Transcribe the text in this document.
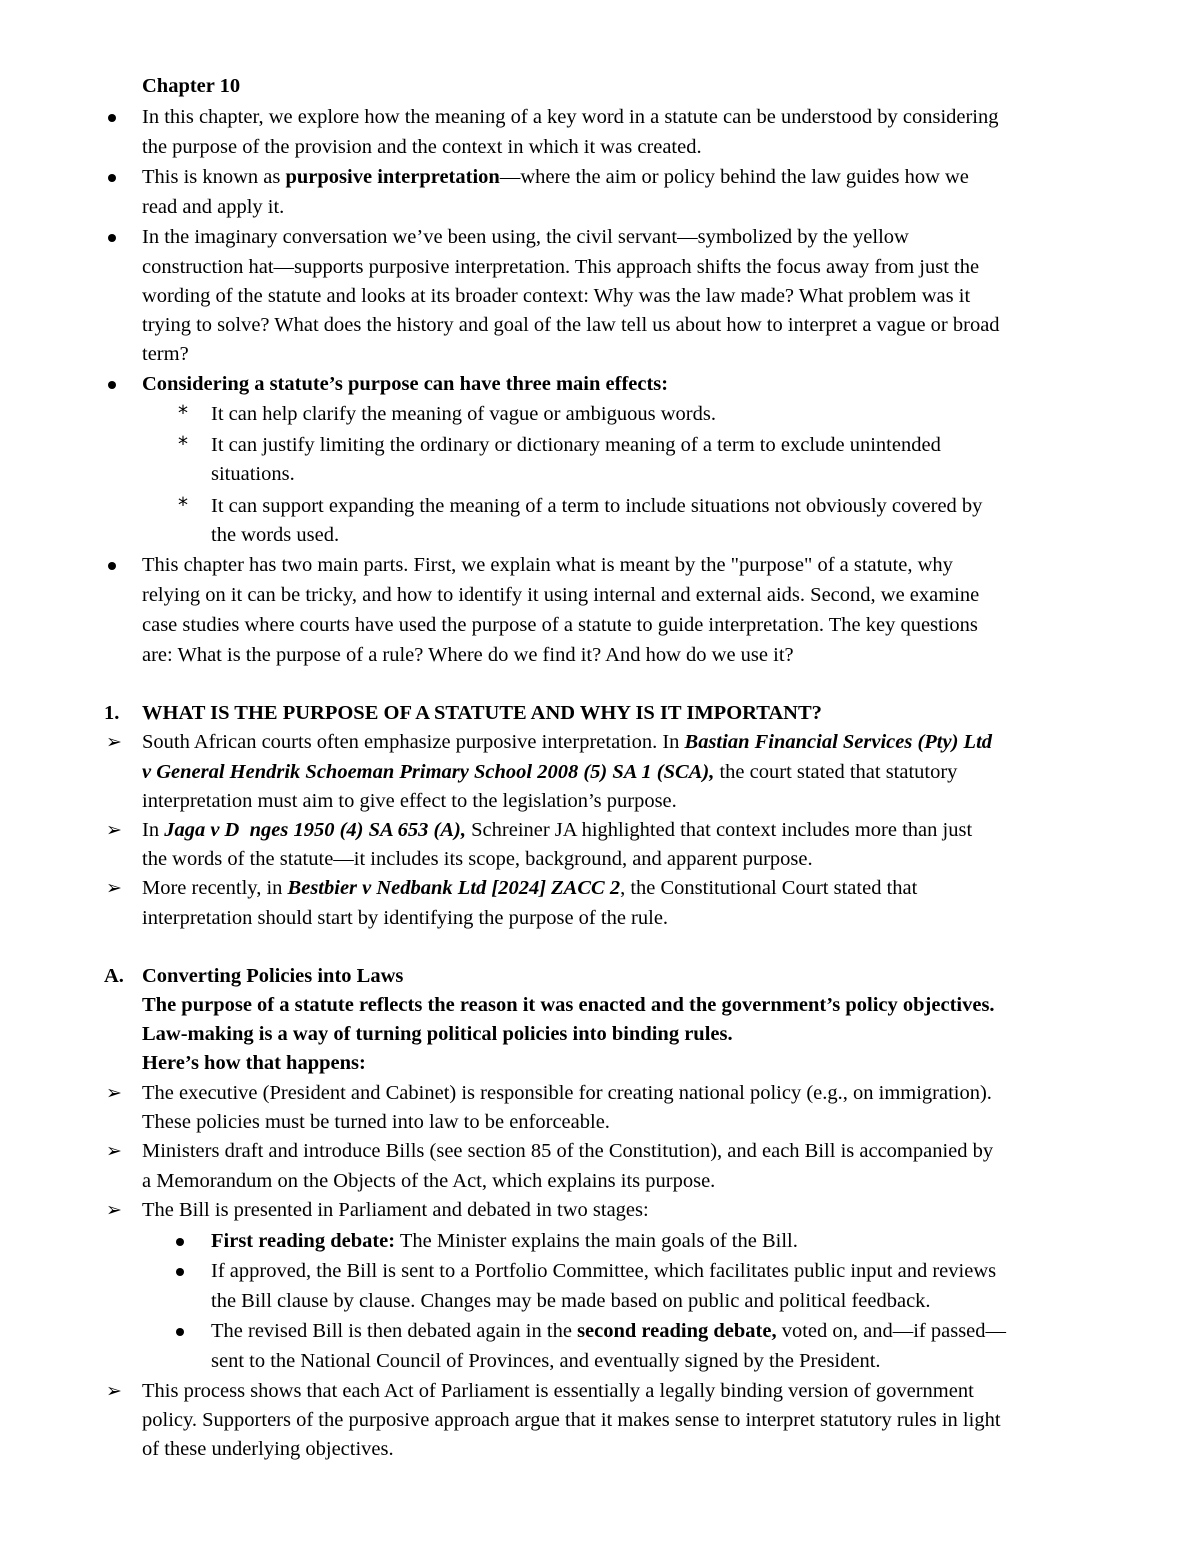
Chapter 10
In this chapter, we explore how the meaning of a key word in a statute can be understood by considering
the purpose of the provision and the context in which it was created.
This is known as purposive interpretation—where the aim or policy behind the law guides how we
read and apply it.
In the imaginary conversation we’ve been using, the civil servant—symbolized by the yellow
construction hat—supports purposive interpretation. This approach shifts the focus away from just the
wording of the statute and looks at its broader context: Why was the law made? What problem was it
trying to solve? What does the history and goal of the law tell us about how to interpret a vague or broad
term?
Considering a statute’s purpose can have three main effects:
* It can help clarify the meaning of vague or ambiguous words.
* It can justify limiting the ordinary or dictionary meaning of a term to exclude unintended
situations.
* It can support expanding the meaning of a term to include situations not obviously covered by
the words used.
This chapter has two main parts. First, we explain what is meant by the "purpose" of a statute, why
relying on it can be tricky, and how to identify it using internal and external aids. Second, we examine
case studies where courts have used the purpose of a statute to guide interpretation. The key questions
are: What is the purpose of a rule? Where do we find it? And how do we use it?
1. WHAT IS THE PURPOSE OF A STATUTE AND WHY IS IT IMPORTANT?
➢ South African courts often emphasize purposive interpretation. In Bastian Financial Services (Pty) Ltd
v General Hendrik Schoeman Primary School 2008 (5) SA 1 (SCA), the court stated that statutory
interpretation must aim to give effect to the legislation’s purpose.
➢ In Jaga v D  nges 1950 (4) SA 653 (A), Schreiner JA highlighted that context includes more than just
the words of the statute—it includes its scope, background, and apparent purpose.
➢ More recently, in Bestbier v Nedbank Ltd [2024] ZACC 2, the Constitutional Court stated that
interpretation should start by identifying the purpose of the rule.
A. Converting Policies into Laws
The purpose of a statute reflects the reason it was enacted and the government’s policy objectives.
Law-making is a way of turning political policies into binding rules.
Here’s how that happens:
➢ The executive (President and Cabinet) is responsible for creating national policy (e.g., on immigration).
These policies must be turned into law to be enforceable.
➢ Ministers draft and introduce Bills (see section 85 of the Constitution), and each Bill is accompanied by
a Memorandum on the Objects of the Act, which explains its purpose.
➢ The Bill is presented in Parliament and debated in two stages:
First reading debate: The Minister explains the main goals of the Bill.
If approved, the Bill is sent to a Portfolio Committee, which facilitates public input and reviews
the Bill clause by clause. Changes may be made based on public and political feedback.
The revised Bill is then debated again in the second reading debate, voted on, and—if passed—
sent to the National Council of Provinces, and eventually signed by the President.
➢ This process shows that each Act of Parliament is essentially a legally binding version of government
policy. Supporters of the purposive approach argue that it makes sense to interpret statutory rules in light
of these underlying objectives.
